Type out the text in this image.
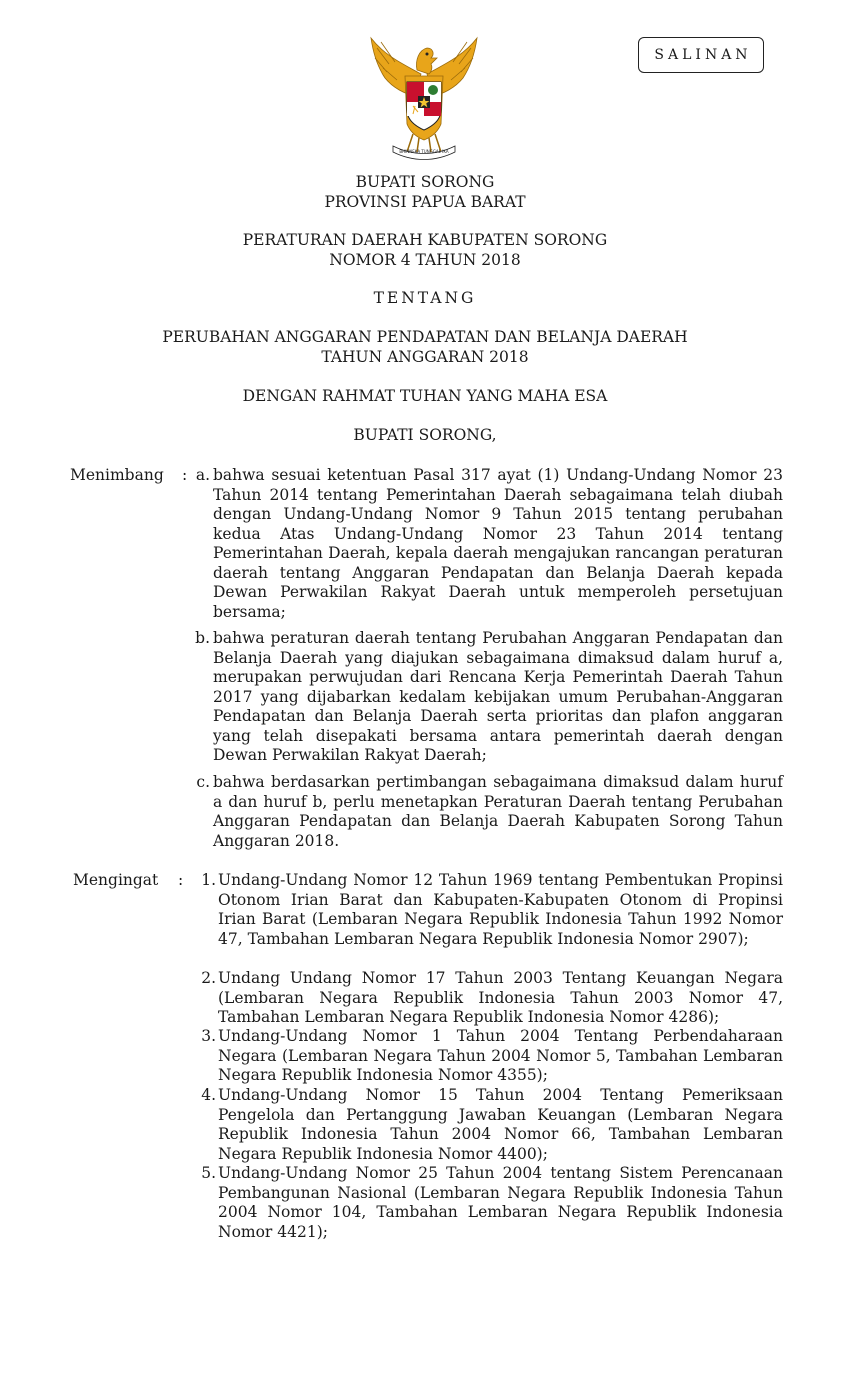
SALINAN
BHINNEKA TUNGGAL IKA
BUPATI SORONG
PROVINSI PAPUA BARAT
PERATURAN DAERAH KABUPATEN SORONG
NOMOR 4 TAHUN 2018
TENTANG
PERUBAHAN ANGGARAN PENDAPATAN DAN BELANJA DAERAH
TAHUN ANGGARAN 2018
DENGAN RAHMAT TUHAN YANG MAHA ESA
BUPATI SORONG,
Menimbang	: a. bahwa sesuai ketentuan Pasal 317 ayat (1) Undang-Undang Nomor 23 Tahun 2014 tentang Pemerintahan Daerah sebagaimana telah diubah dengan Undang-Undang Nomor 9 Tahun 2015 tentang perubahan kedua Atas Undang-Undang Nomor 23 Tahun 2014 tentang Pemerintahan Daerah, kepala daerah mengajukan rancangan peraturan daerah tentang Anggaran Pendapatan dan Belanja Daerah kepada Dewan Perwakilan Rakyat Daerah untuk memperoleh persetujuan bersama;
b. bahwa peraturan daerah tentang Perubahan Anggaran Pendapatan dan Belanja Daerah yang diajukan sebagaimana dimaksud dalam huruf a, merupakan perwujudan dari Rencana Kerja Pemerintah Daerah Tahun 2017 yang dijabarkan kedalam kebijakan umum Perubahan-Anggaran Pendapatan dan Belanja Daerah serta prioritas dan plafon anggaran yang telah disepakati bersama antara pemerintah daerah dengan Dewan Perwakilan Rakyat Daerah;
c. bahwa berdasarkan pertimbangan sebagaimana dimaksud dalam huruf a dan huruf b, perlu menetapkan Peraturan Daerah tentang Perubahan Anggaran Pendapatan dan Belanja Daerah Kabupaten Sorong Tahun Anggaran 2018.
Mengingat	:	1. Undang-Undang Nomor 12 Tahun 1969 tentang Pembentukan Propinsi Otonom Irian Barat dan Kabupaten-Kabupaten Otonom di Propinsi Irian Barat (Lembaran Negara Republik Indonesia Tahun 1992 Nomor 47, Tambahan Lembaran Negara Republik Indonesia Nomor 2907);
2. Undang Undang Nomor 17 Tahun 2003 Tentang Keuangan Negara (Lembaran Negara Republik Indonesia Tahun 2003 Nomor 47, Tambahan Lembaran Negara Republik Indonesia Nomor 4286);
3. Undang-Undang Nomor 1 Tahun 2004 Tentang Perbendaharaan Negara (Lembaran Negara Tahun 2004 Nomor 5, Tambahan Lembaran Negara Republik Indonesia Nomor 4355);
4. Undang-Undang Nomor 15 Tahun 2004 Tentang Pemeriksaan Pengelola dan Pertanggung Jawaban Keuangan (Lembaran Negara Republik Indonesia Tahun 2004 Nomor 66, Tambahan Lembaran Negara Republik Indonesia Nomor 4400);
5. Undang-Undang Nomor 25 Tahun 2004 tentang Sistem Perencanaan Pembangunan Nasional (Lembaran Negara Republik Indonesia Tahun 2004 Nomor 104, Tambahan Lembaran Negara Republik Indonesia Nomor 4421);
